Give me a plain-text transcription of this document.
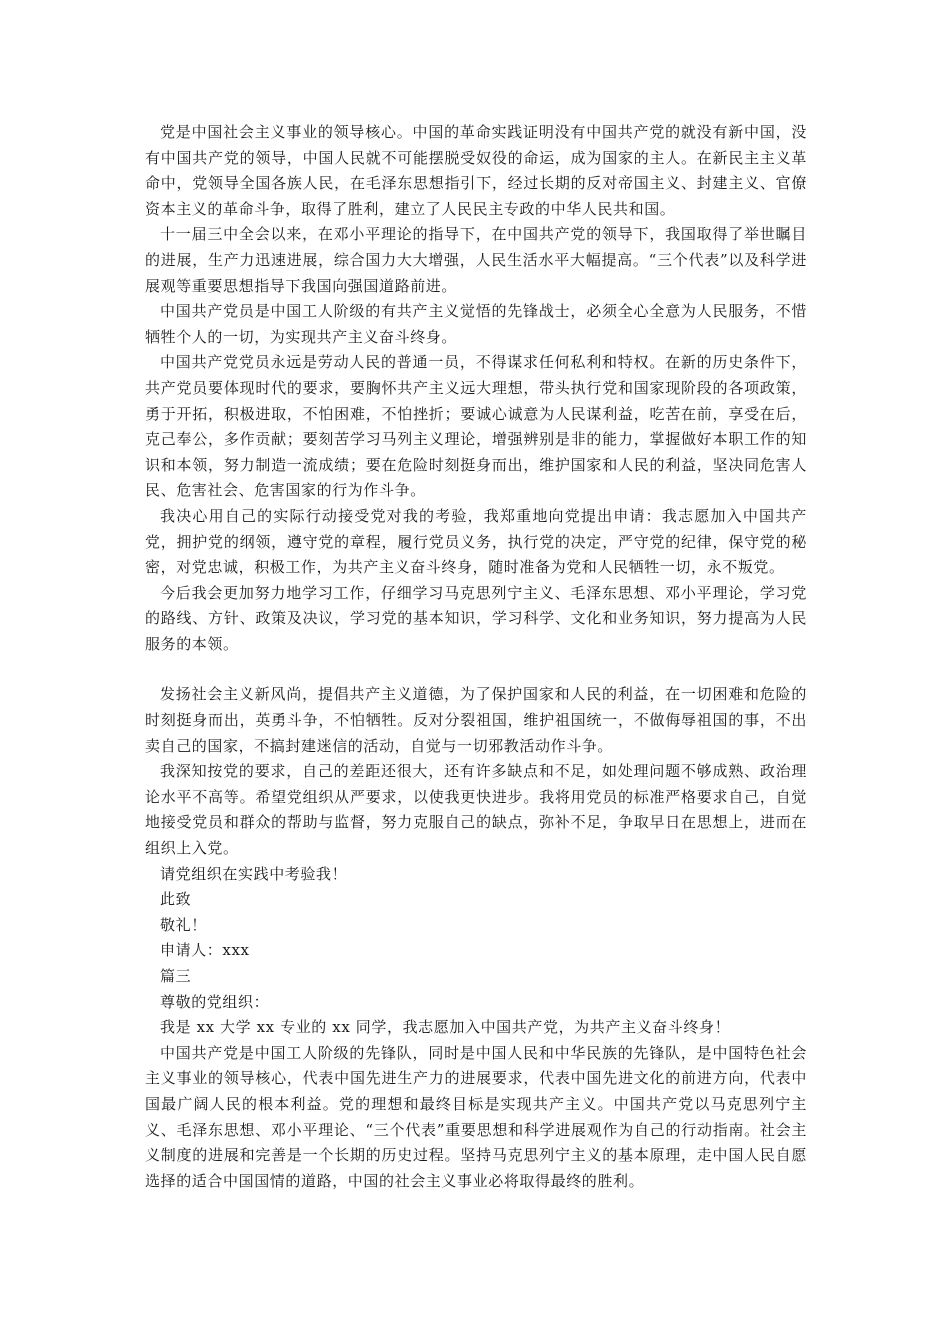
党是中国社会主义事业的领导核心。中国的革命实践证明没有中国共产党的就没有新中国，没有中国共产党的领导，中国人民就不可能摆脱受奴役的命运，成为国家的主人。在新民主主义革命中，党领导全国各族人民，在毛泽东思想指引下，经过长期的反对帝国主义、封建主义、官僚资本主义的革命斗争，取得了胜利，建立了人民民主专政的中华人民共和国。

十一届三中全会以来，在邓小平理论的指导下，在中国共产党的领导下，我国取得了举世瞩目的进展，生产力迅速进展，综合国力大大增强，人民生活水平大幅提高。“三个代表”以及科学进展观等重要思想指导下我国向强国道路前进。

中国共产党员是中国工人阶级的有共产主义觉悟的先锋战士，必须全心全意为人民服务，不惜牺牲个人的一切，为实现共产主义奋斗终身。

中国共产党党员永远是劳动人民的普通一员，不得谋求任何私利和特权。在新的历史条件下，共产党员要体现时代的要求，要胸怀共产主义远大理想，带头执行党和国家现阶段的各项政策，勇于开拓，积极进取，不怕困难，不怕挫折；要诚心诚意为人民谋利益，吃苦在前，享受在后，克己奉公，多作贡献；要刻苦学习马列主义理论，增强辨别是非的能力，掌握做好本职工作的知识和本领，努力制造一流成绩；要在危险时刻挺身而出，维护国家和人民的利益，坚决同危害人民、危害社会、危害国家的行为作斗争。

我决心用自己的实际行动接受党对我的考验，我郑重地向党提出申请：我志愿加入中国共产党，拥护党的纲领，遵守党的章程，履行党员义务，执行党的决定，严守党的纪律，保守党的秘密，对党忠诚，积极工作，为共产主义奋斗终身，随时准备为党和人民牺牲一切，永不叛党。

今后我会更加努力地学习工作，仔细学习马克思列宁主义、毛泽东思想、邓小平理论，学习党的路线、方针、政策及决议，学习党的基本知识，学习科学、文化和业务知识，努力提高为人民服务的本领。

发扬社会主义新风尚，提倡共产主义道德，为了保护国家和人民的利益，在一切困难和危险的时刻挺身而出，英勇斗争，不怕牺牲。反对分裂祖国，维护祖国统一，不做侮辱祖国的事，不出卖自己的国家，不搞封建迷信的活动，自觉与一切邪教活动作斗争。

我深知按党的要求，自己的差距还很大，还有许多缺点和不足，如处理问题不够成熟、政治理论水平不高等。希望党组织从严要求，以使我更快进步。我将用党员的标准严格要求自己，自觉地接受党员和群众的帮助与监督，努力克服自己的缺点，弥补不足，争取早日在思想上，进而在组织上入党。

请党组织在实践中考验我！

此致

敬礼！

申请人：xxx

篇三

尊敬的党组织：

我是 xx 大学 xx 专业的 xx 同学，我志愿加入中国共产党，为共产主义奋斗终身！

中国共产党是中国工人阶级的先锋队，同时是中国人民和中华民族的先锋队，是中国特色社会主义事业的领导核心，代表中国先进生产力的进展要求，代表中国先进文化的前进方向，代表中国最广阔人民的根本利益。党的理想和最终目标是实现共产主义。中国共产党以马克思列宁主义、毛泽东思想、邓小平理论、“三个代表”重要思想和科学进展观作为自己的行动指南。社会主义制度的进展和完善是一个长期的历史过程。坚持马克思列宁主义的基本原理，走中国人民自愿选择的适合中国国情的道路，中国的社会主义事业必将取得最终的胜利。
